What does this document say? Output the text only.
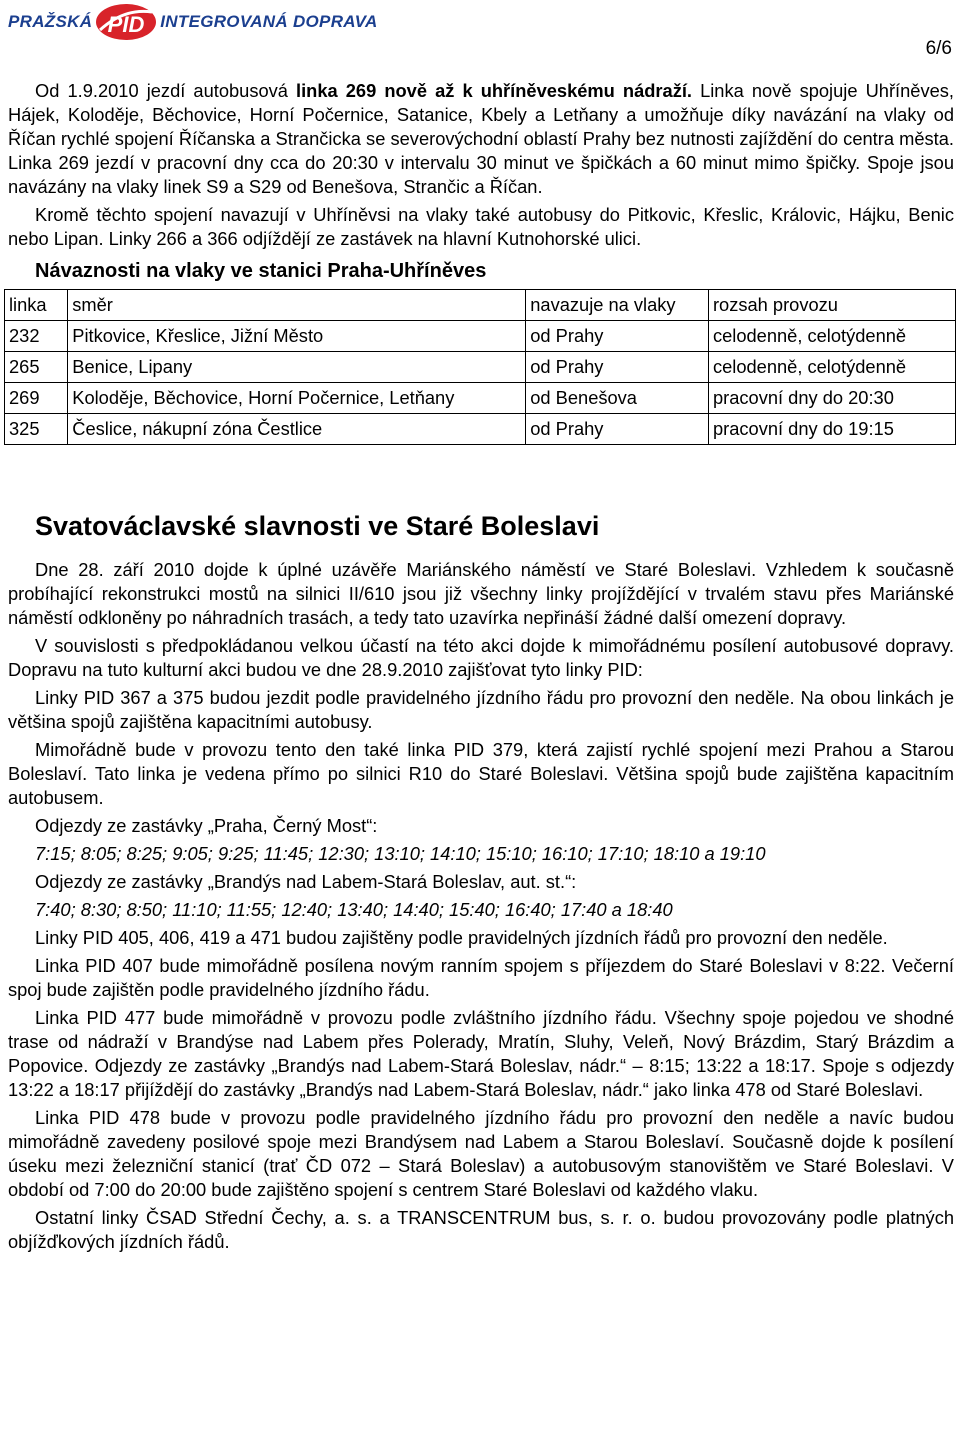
PRAŽSKÁ PID INTEGROVANÁ DOPRAVA
6/6

Od 1.9.2010 jezdí autobusová linka 269 nově až k uhříněveskému nádraží. Linka nově spojuje Uhříněves, Hájek, Koloděje, Běchovice, Horní Počernice, Satanice, Kbely a Letňany a umožňuje díky navázání na vlaky od Říčan rychlé spojení Říčanska a Strančicka se severovýchodní oblastí Prahy bez nutnosti zajíždění do centra města. Linka 269 jezdí v pracovní dny cca do 20:30 v intervalu 30 minut ve špičkách a 60 minut mimo špičky. Spoje jsou navázány na vlaky linek S9 a S29 od Benešova, Strančic a Říčan.

Kromě těchto spojení navazují v Uhříněvsi na vlaky také autobusy do Pitkovic, Křeslic, Královic, Hájku, Benic nebo Lipan. Linky 266 a 366 odjíždějí ze zastávek na hlavní Kutnohorské ulici.

Návaznosti na vlaky ve stanici Praha-Uhříněves
linka	směr	navazuje na vlaky	rozsah provozu
232	Pitkovice, Křeslice, Jižní Město	od Prahy	celodenně, celotýdenně
265	Benice, Lipany	od Prahy	celodenně, celotýdenně
269	Koloděje, Běchovice, Horní Počernice, Letňany	od Benešova	pracovní dny do 20:30
325	Česlice, nákupní zóna Čestlice	od Prahy	pracovní dny do 19:15
Svatováclavské slavnosti ve Staré Boleslavi

Dne 28. září 2010 dojde k úplné uzávěře Mariánského náměstí ve Staré Boleslavi. Vzhledem k současně probíhající rekonstrukci mostů na silnici II/610 jsou již všechny linky projíždějící v trvalém stavu přes Mariánské náměstí odkloněny po náhradních trasách, a tedy tato uzavírka nepřináší žádné další omezení dopravy.

V souvislosti s předpokládanou velkou účastí na této akci dojde k mimořádnému posílení autobusové dopravy. Dopravu na tuto kulturní akci budou ve dne 28.9.2010 zajišťovat tyto linky PID:

Linky PID 367 a 375 budou jezdit podle pravidelného jízdního řádu pro provozní den neděle. Na obou linkách je většina spojů zajištěna kapacitními autobusy.

Mimořádně bude v provozu tento den také linka PID 379, která zajistí rychlé spojení mezi Prahou a Starou Boleslaví. Tato linka je vedena přímo po silnici R10 do Staré Boleslavi. Většina spojů bude zajištěna kapacitním autobusem.

Odjezdy ze zastávky „Praha, Černý Most“:

7:15; 8:05; 8:25; 9:05; 9:25; 11:45; 12:30; 13:10; 14:10; 15:10; 16:10; 17:10; 18:10 a 19:10

Odjezdy ze zastávky „Brandýs nad Labem-Stará Boleslav, aut. st.“:

7:40; 8:30; 8:50; 11:10; 11:55; 12:40; 13:40; 14:40; 15:40; 16:40; 17:40 a 18:40

Linky PID 405, 406, 419 a 471 budou zajištěny podle pravidelných jízdních řádů pro provozní den neděle.

Linka PID 407 bude mimořádně posílena novým ranním spojem s příjezdem do Staré Boleslavi v 8:22. Večerní spoj bude zajištěn podle pravidelného jízdního řádu.

Linka PID 477 bude mimořádně v provozu podle zvláštního jízdního řádu. Všechny spoje pojedou ve shodné trase od nádraží v Brandýse nad Labem přes Polerady, Mratín, Sluhy, Veleň, Nový Brázdim, Starý Brázdim a Popovice. Odjezdy ze zastávky „Brandýs nad Labem-Stará Boleslav, nádr.“ – 8:15; 13:22 a 18:17. Spoje s odjezdy 13:22 a 18:17 přijíždějí do zastávky „Brandýs nad Labem-Stará Boleslav, nádr.“ jako linka 478 od Staré Boleslavi.

Linka PID 478 bude v provozu podle pravidelného jízdního řádu pro provozní den neděle a navíc budou mimořádně zavedeny posilové spoje mezi Brandýsem nad Labem a Starou Boleslaví. Současně dojde k posílení úseku mezi železniční stanicí (trať ČD 072 – Stará Boleslav) a autobusovým stanovištěm ve Staré Boleslavi. V období od 7:00 do 20:00 bude zajištěno spojení s centrem Staré Boleslavi od každého vlaku.

Ostatní linky ČSAD Střední Čechy, a. s. a TRANSCENTRUM bus, s. r. o. budou provozovány podle platných objížďkových jízdních řádů.
